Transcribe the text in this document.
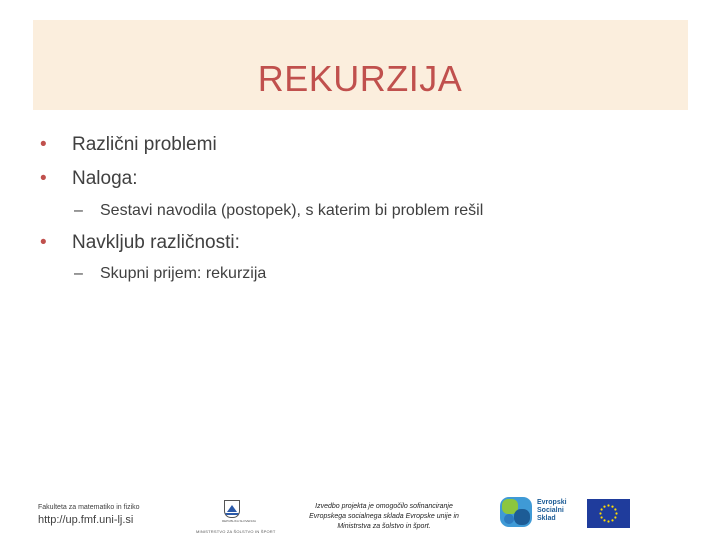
REKURZIJA
• Različni problemi
• Naloga:
– Sestavi navodila (postopek), s katerim bi problem rešil
• Navkljub različnosti:
– Skupni prijem: rekurzija
Fakulteta za matematiko in fiziko
http://up.fmf.uni-lj.si	REPUBLIKA SLOVENIJA
MINISTRSTVO ZA ŠOLSTVO IN ŠPORT
Izvedbo projekta je omogočilo sofinanciranje
Evropskega socialnega sklada Evropske unije in
Ministrstva za šolstvo in šport.
Evropski
Socialni
Sklad
